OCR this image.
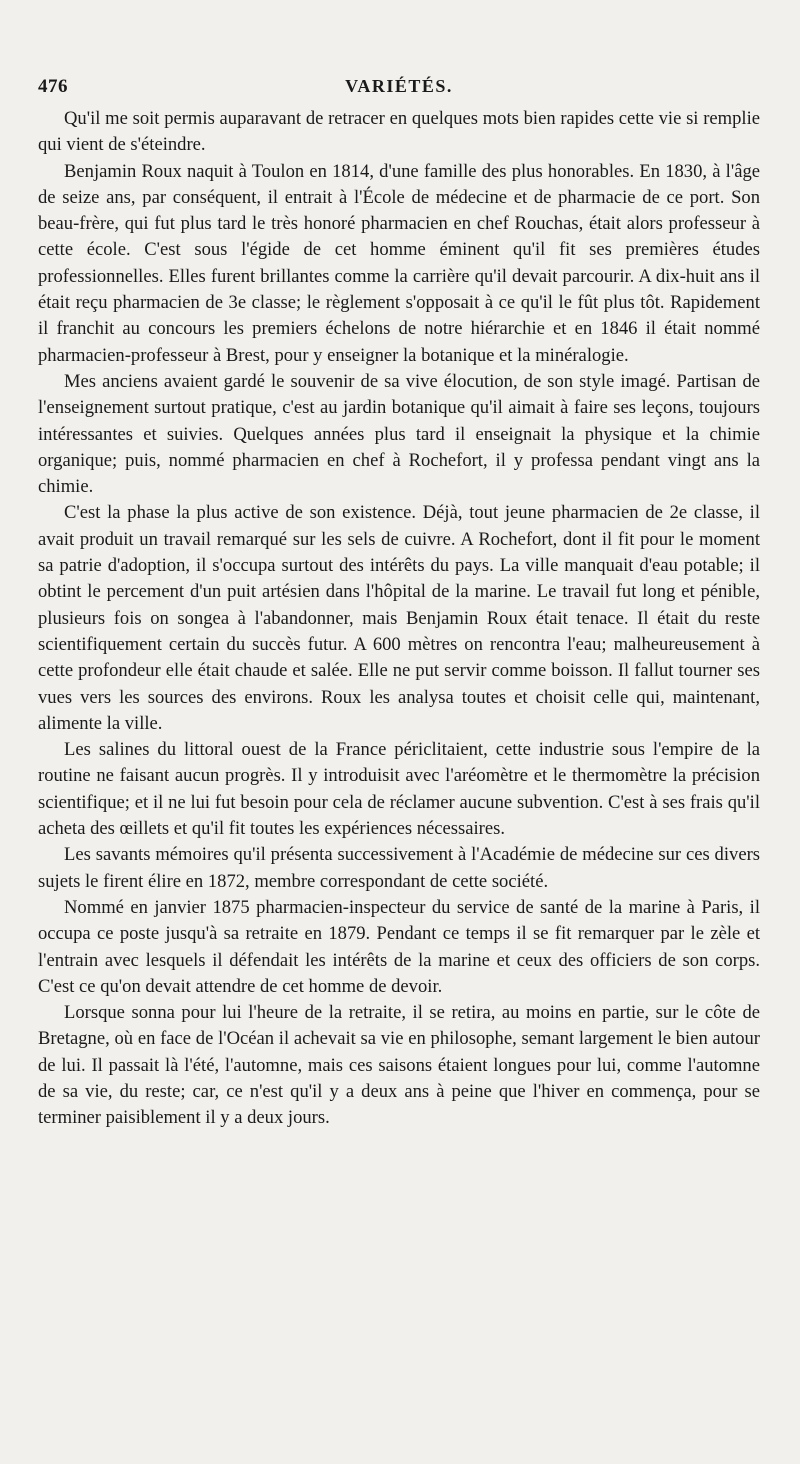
476	VARIÉTÉS.

Qu'il me soit permis auparavant de retracer en quelques mots bien rapides cette vie si remplie qui vient de s'éteindre.

Benjamin Roux naquit à Toulon en 1814, d'une famille des plus honorables. En 1830, à l'âge de seize ans, par conséquent, il entrait à l'École de médecine et de pharmacie de ce port. Son beau-frère, qui fut plus tard le très honoré pharmacien en chef Rouchas, était alors professeur à cette école. C'est sous l'égide de cet homme éminent qu'il fit ses premières études professionnelles. Elles furent brillantes comme la carrière qu'il devait parcourir. A dix-huit ans il était reçu pharmacien de 3e classe; le règlement s'opposait à ce qu'il le fût plus tôt. Rapidement il franchit au concours les premiers échelons de notre hiérarchie et en 1846 il était nommé pharmacien-professeur à Brest, pour y enseigner la botanique et la minéralogie.

Mes anciens avaient gardé le souvenir de sa vive élocution, de son style imagé. Partisan de l'enseignement surtout pratique, c'est au jardin botanique qu'il aimait à faire ses leçons, toujours intéressantes et suivies. Quelques années plus tard il enseignait la physique et la chimie organique; puis, nommé pharmacien en chef à Rochefort, il y professa pendant vingt ans la chimie.

C'est la phase la plus active de son existence. Déjà, tout jeune pharmacien de 2e classe, il avait produit un travail remarqué sur les sels de cuivre. A Rochefort, dont il fit pour le moment sa patrie d'adoption, il s'occupa surtout des intérêts du pays. La ville manquait d'eau potable; il obtint le percement d'un puit artésien dans l'hôpital de la marine. Le travail fut long et pénible, plusieurs fois on songea à l'abandonner, mais Benjamin Roux était tenace. Il était du reste scientifiquement certain du succès futur. A 600 mètres on rencontra l'eau; malheureusement à cette profondeur elle était chaude et salée. Elle ne put servir comme boisson. Il fallut tourner ses vues vers les sources des environs. Roux les analysa toutes et choisit celle qui, maintenant, alimente la ville.

Les salines du littoral ouest de la France périclitaient, cette industrie sous l'empire de la routine ne faisant aucun progrès. Il y introduisit avec l'aréomètre et le thermomètre la précision scientifique; et il ne lui fut besoin pour cela de réclamer aucune subvention. C'est à ses frais qu'il acheta des œillets et qu'il fit toutes les expériences nécessaires.

Les savants mémoires qu'il présenta successivement à l'Académie de médecine sur ces divers sujets le firent élire en 1872, membre correspondant de cette société.

Nommé en janvier 1875 pharmacien-inspecteur du service de santé de la marine à Paris, il occupa ce poste jusqu'à sa retraite en 1879. Pendant ce temps il se fit remarquer par le zèle et l'entrain avec lesquels il défendait les intérêts de la marine et ceux des officiers de son corps. C'est ce qu'on devait attendre de cet homme de devoir.

Lorsque sonna pour lui l'heure de la retraite, il se retira, au moins en partie, sur le côte de Bretagne, où en face de l'Océan il achevait sa vie en philosophe, semant largement le bien autour de lui. Il passait là l'été, l'automne, mais ces saisons étaient longues pour lui, comme l'automne de sa vie, du reste; car, ce n'est qu'il y a deux ans à peine que l'hiver en commença, pour se terminer paisiblement il y a deux jours.
